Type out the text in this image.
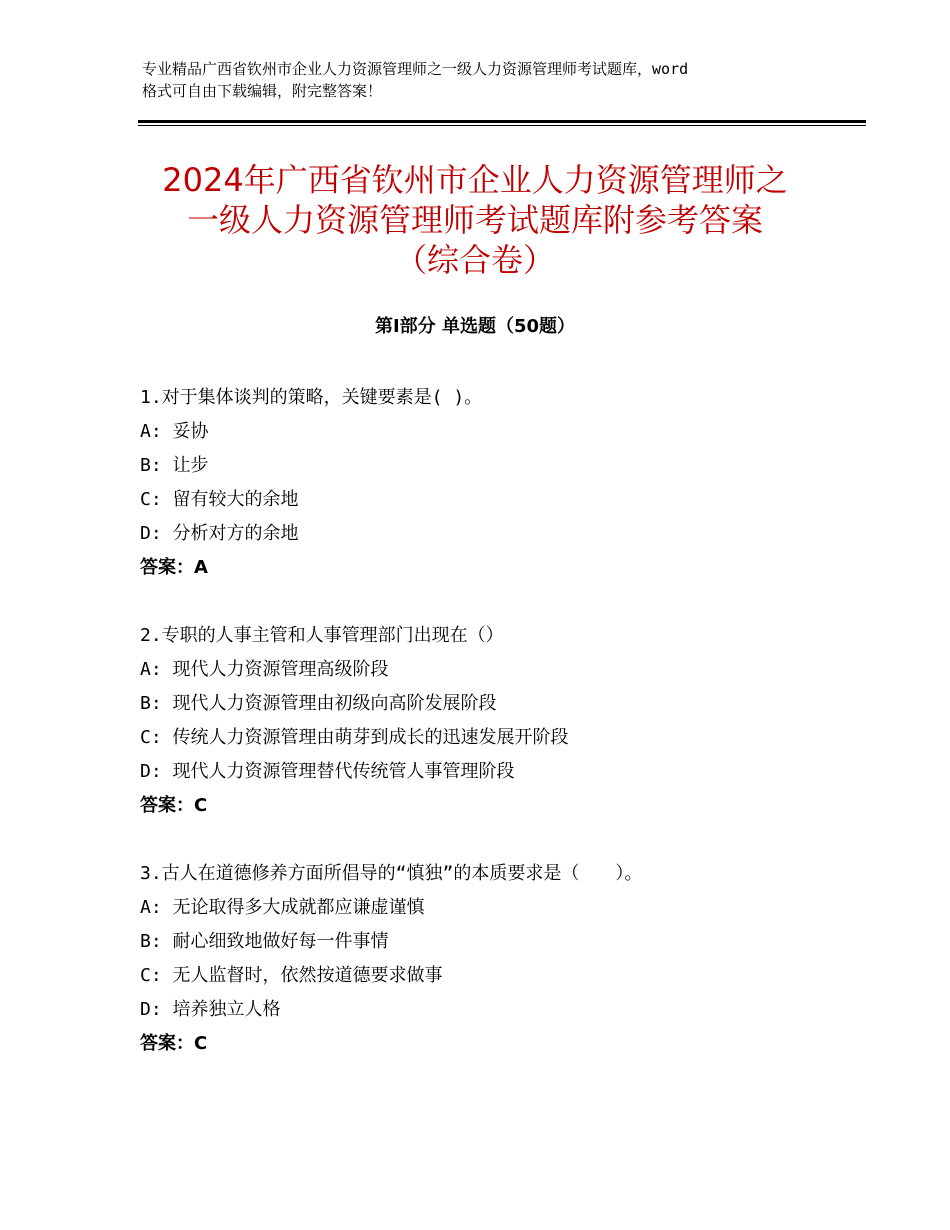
专业精品广西省钦州市企业人力资源管理师之一级人力资源管理师考试题库，word
格式可自由下载编辑，附完整答案！
2024年广西省钦州市企业人力资源管理师之
一级人力资源管理师考试题库附参考答案
（综合卷）
第Ⅰ部分 单选题（50题）
1.对于集体谈判的策略，关键要素是( )。
A: 妥协
B: 让步
C: 留有较大的余地
D: 分析对方的余地
答案：A
2.专职的人事主管和人事管理部门出现在（）
A: 现代人力资源管理高级阶段
B: 现代人力资源管理由初级向高阶发展阶段
C: 传统人力资源管理由萌芽到成长的迅速发展开阶段
D: 现代人力资源管理替代传统管人事管理阶段
答案：C
3.古人在道德修养方面所倡导的“慎独”的本质要求是（　　）。
A: 无论取得多大成就都应谦虚谨慎
B: 耐心细致地做好每一件事情
C: 无人监督时，依然按道德要求做事
D: 培养独立人格
答案：C
